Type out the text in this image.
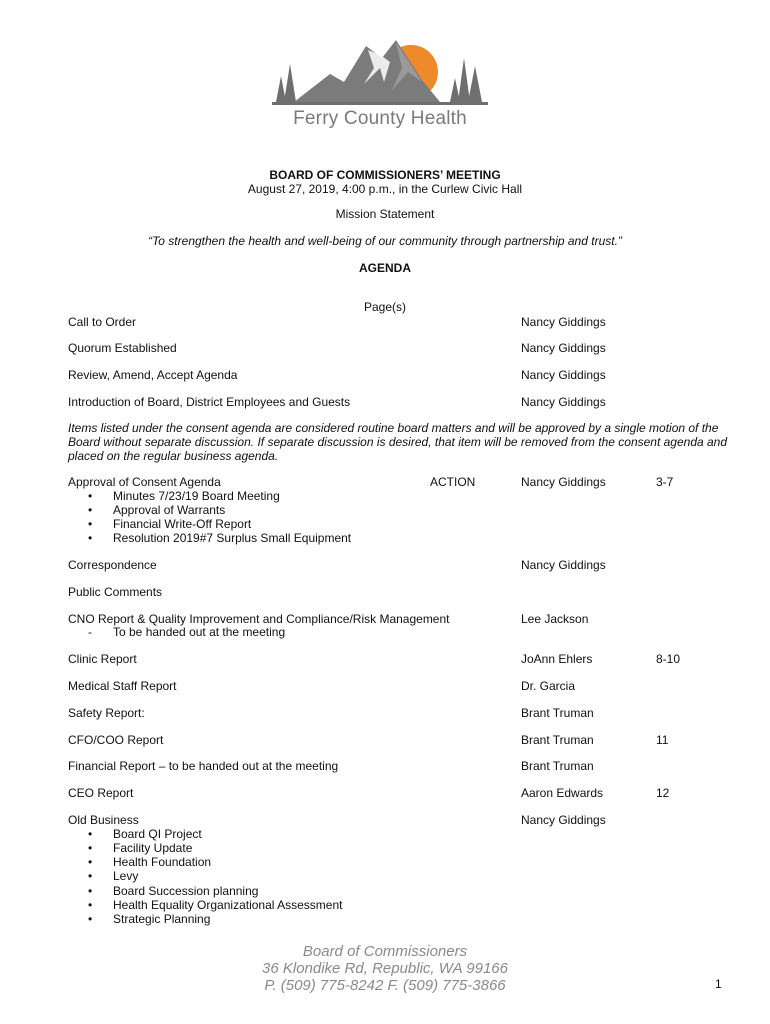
Ferry County Health
BOARD OF COMMISSIONERS’ MEETING
August 27, 2019, 4:00 p.m., in the Curlew Civic Hall
Mission Statement
“To strengthen the health and well-being of our community through partnership and trust.”
AGENDA
Page(s)
Call to Order	Nancy Giddings
Quorum Established	Nancy Giddings
Review, Amend, Accept Agenda	Nancy Giddings
Introduction of Board, District Employees and Guests	Nancy Giddings
Items listed under the consent agenda are considered routine board matters and will be approved by a single motion of the
Board without separate discussion. If separate discussion is desired, that item will be removed from the consent agenda and
placed on the regular business agenda.
Approval of Consent Agenda	ACTION	Nancy Giddings	3-7
• Minutes 7/23/19 Board Meeting
• Approval of Warrants
• Financial Write-Off Report
• Resolution 2019#7 Surplus Small Equipment
Correspondence	Nancy Giddings
Public Comments
CNO Report & Quality Improvement and Compliance/Risk Management	Lee Jackson
- To be handed out at the meeting
Clinic Report	JoAnn Ehlers	8-10
Medical Staff Report	Dr. Garcia
Safety Report:	Brant Truman
CFO/COO Report	Brant Truman	11
Financial Report – to be handed out at the meeting	Brant Truman
CEO Report	Aaron Edwards	12
Old Business	Nancy Giddings
• Board QI Project
• Facility Update
• Health Foundation
• Levy
• Board Succession planning
• Health Equality Organizational Assessment
• Strategic Planning
Board of Commissioners
36 Klondike Rd, Republic, WA 99166
P. (509) 775-8242 F. (509) 775-3866	1
